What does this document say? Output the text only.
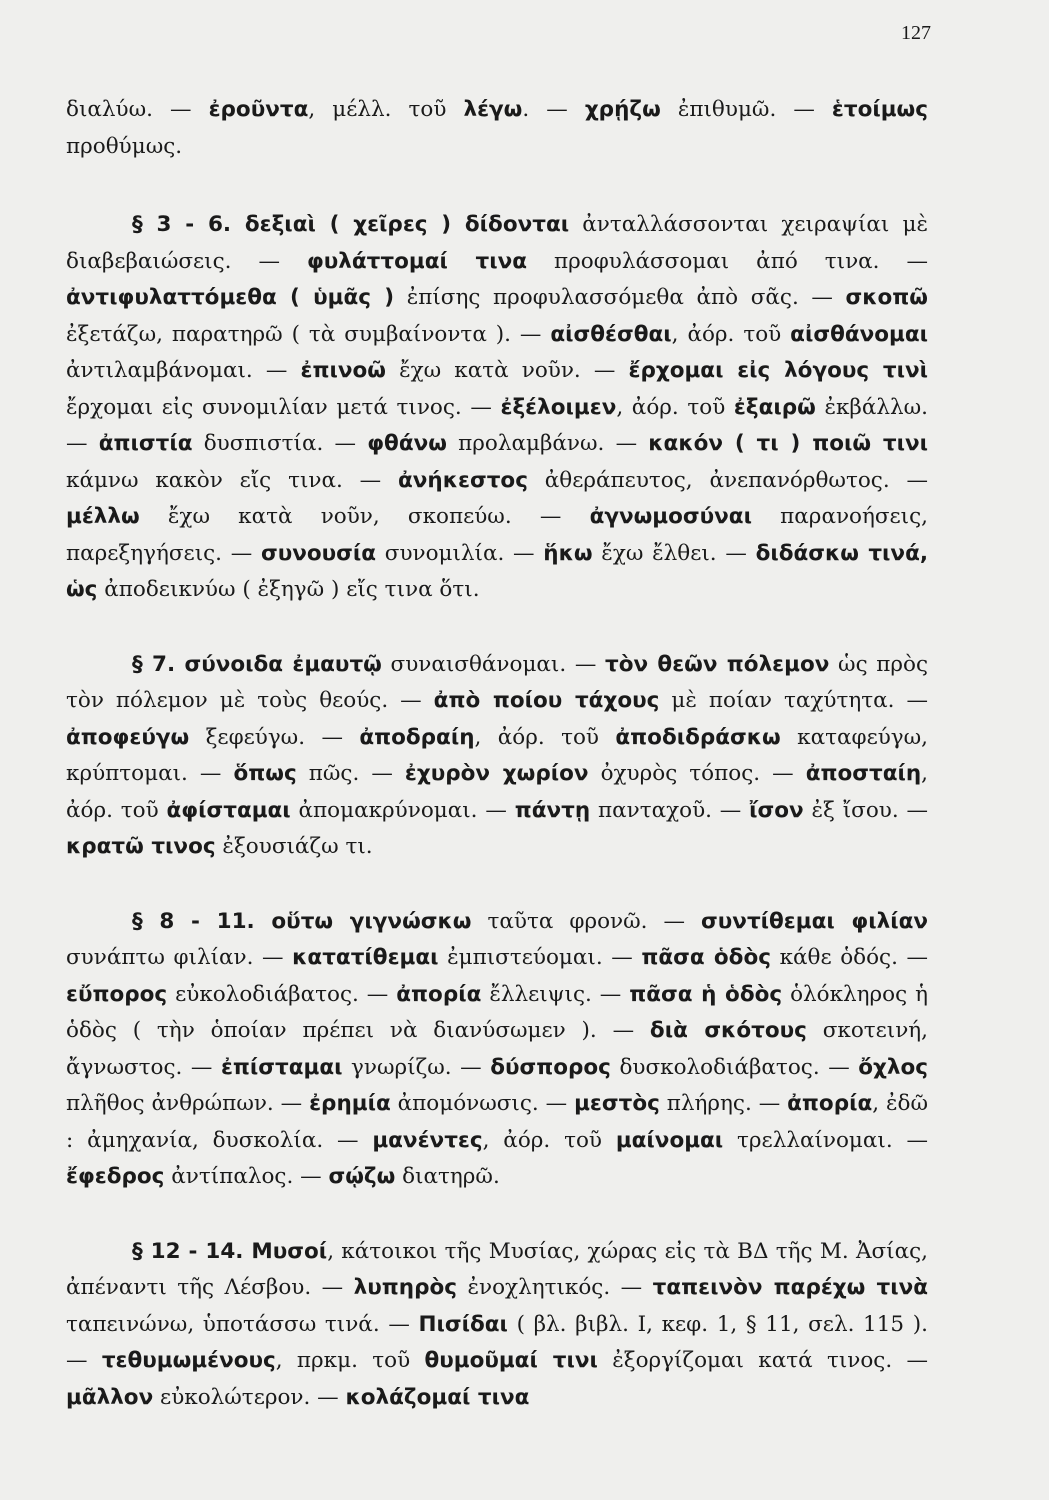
127

διαλύω. — ἐροῦντα, μέλλ. τοῦ λέγω. — χρῄζω ἐπιθυμῶ. — ἑτοίμως προθύμως.

§ 3 - 6. δεξιαὶ ( χεῖρες ) δίδονται ἀνταλλάσσονται χειραψίαι μὲ διαβεβαιώσεις. — φυλάττομαί τινα προφυλάσσομαι ἀπό τινα. — ἀντιφυλαττόμεθα ( ὑμᾶς ) ἐπίσης προφυλασσόμεθα ἀπὸ σᾶς. — σκοπῶ ἐξετάζω, παρατηρῶ ( τὰ συμβαίνοντα ). — αἰσθέσθαι, ἀόρ. τοῦ αἰσθάνομαι ἀντιλαμβάνομαι. — ἐπινοῶ ἔχω κατὰ νοῦν. — ἔρχομαι εἰς λόγους τινὶ ἔρχομαι εἰς συνομιλίαν μετά τινος. — ἐξέλοιμεν, ἀόρ. τοῦ ἐξαιρῶ ἐκβάλλω. — ἀπιστία δυσπιστία. — φθάνω προλαμβάνω. — κακόν ( τι ) ποιῶ τινι κάμνω κακὸν εἴς τινα. — ἀνήκεστος ἀθεράπευτος, ἀνεπανόρθωτος. — μέλλω ἔχω κατὰ νοῦν, σκοπεύω. — ἀγνωμοσύναι παρανοήσεις, παρεξηγήσεις. — συνουσία συνομιλία. — ἥκω ἔχω ἔλθει. — διδάσκω τινά, ὡς ἀποδεικνύω ( ἐξηγῶ ) εἴς τινα ὅτι.

§ 7. σύνοιδα ἐμαυτῷ συναισθάνομαι. — τὸν θεῶν πόλεμον ὡς πρὸς τὸν πόλεμον μὲ τοὺς θεούς. — ἀπὸ ποίου τάχους μὲ ποίαν ταχύτητα. — ἀποφεύγω ξεφεύγω. — ἀποδραίη, ἀόρ. τοῦ ἀποδιδράσκω καταφεύγω, κρύπτομαι. — ὅπως πῶς. — ἐχυρὸν χωρίον ὀχυρὸς τόπος. — ἀποσταίη, ἀόρ. τοῦ ἀφίσταμαι ἀπομακρύνομαι. — πάντῃ πανταχοῦ. — ἴσον ἐξ ἴσου. — κρατῶ τινος ἐξουσιάζω τι.

§ 8 - 11. οὕτω γιγνώσκω ταῦτα φρονῶ. — συντίθεμαι φιλίαν συνάπτω φιλίαν. — κατατίθεμαι ἐμπιστεύομαι. — πᾶσα ὁδὸς κάθε ὁδός. — εὔπορος εὐκολοδιάβατος. — ἀπορία ἔλλειψις. — πᾶσα ἡ ὁδὸς ὁλόκληρος ἡ ὁδὸς ( τὴν ὁποίαν πρέπει νὰ διανύσωμεν ). — διὰ σκότους σκοτεινή, ἄγνωστος. — ἐπίσταμαι γνωρίζω. — δύσπορος δυσκολοδιάβατος. — ὄχλος πλῆθος ἀνθρώπων. — ἐρημία ἀπομόνωσις. — μεστὸς πλήρης. — ἀπορία, ἐδῶ : ἀμηχανία, δυσκολία. — μανέντες, ἀόρ. τοῦ μαίνομαι τρελλαίνομαι. — ἔφεδρος ἀντίπαλος. — σῴζω διατηρῶ.

§ 12 - 14. Μυσοί, κάτοικοι τῆς Μυσίας, χώρας εἰς τὰ ΒΔ τῆς Μ. Ἀσίας, ἀπέναντι τῆς Λέσβου. — λυπηρὸς ἐνοχλητικός. — ταπεινὸν παρέχω τινὰ ταπεινώνω, ὑποτάσσω τινά. — Πισίδαι ( βλ. βιβλ. I, κεφ. 1, § 11, σελ. 115 ). — τεθυμωμένους, πρκμ. τοῦ θυμοῦμαί τινι ἐξοργίζομαι κατά τινος. — μᾶλλον εὐκολώτερον. — κολάζομαί τινα
